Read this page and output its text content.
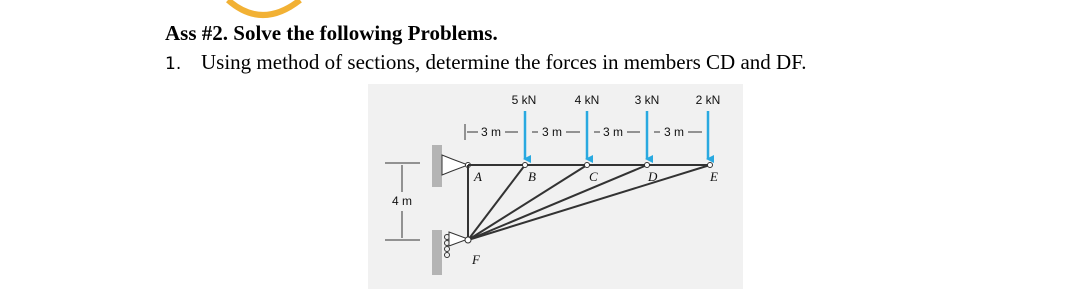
Ass #2. Solve the following Problems.

1. Using method of sections, determine the forces in members CD and DF.

5 kN	4 kN	3 kN	2 kN
3 m	3 m	3 m	3 m
4 m
A	B	C	D	E
F
